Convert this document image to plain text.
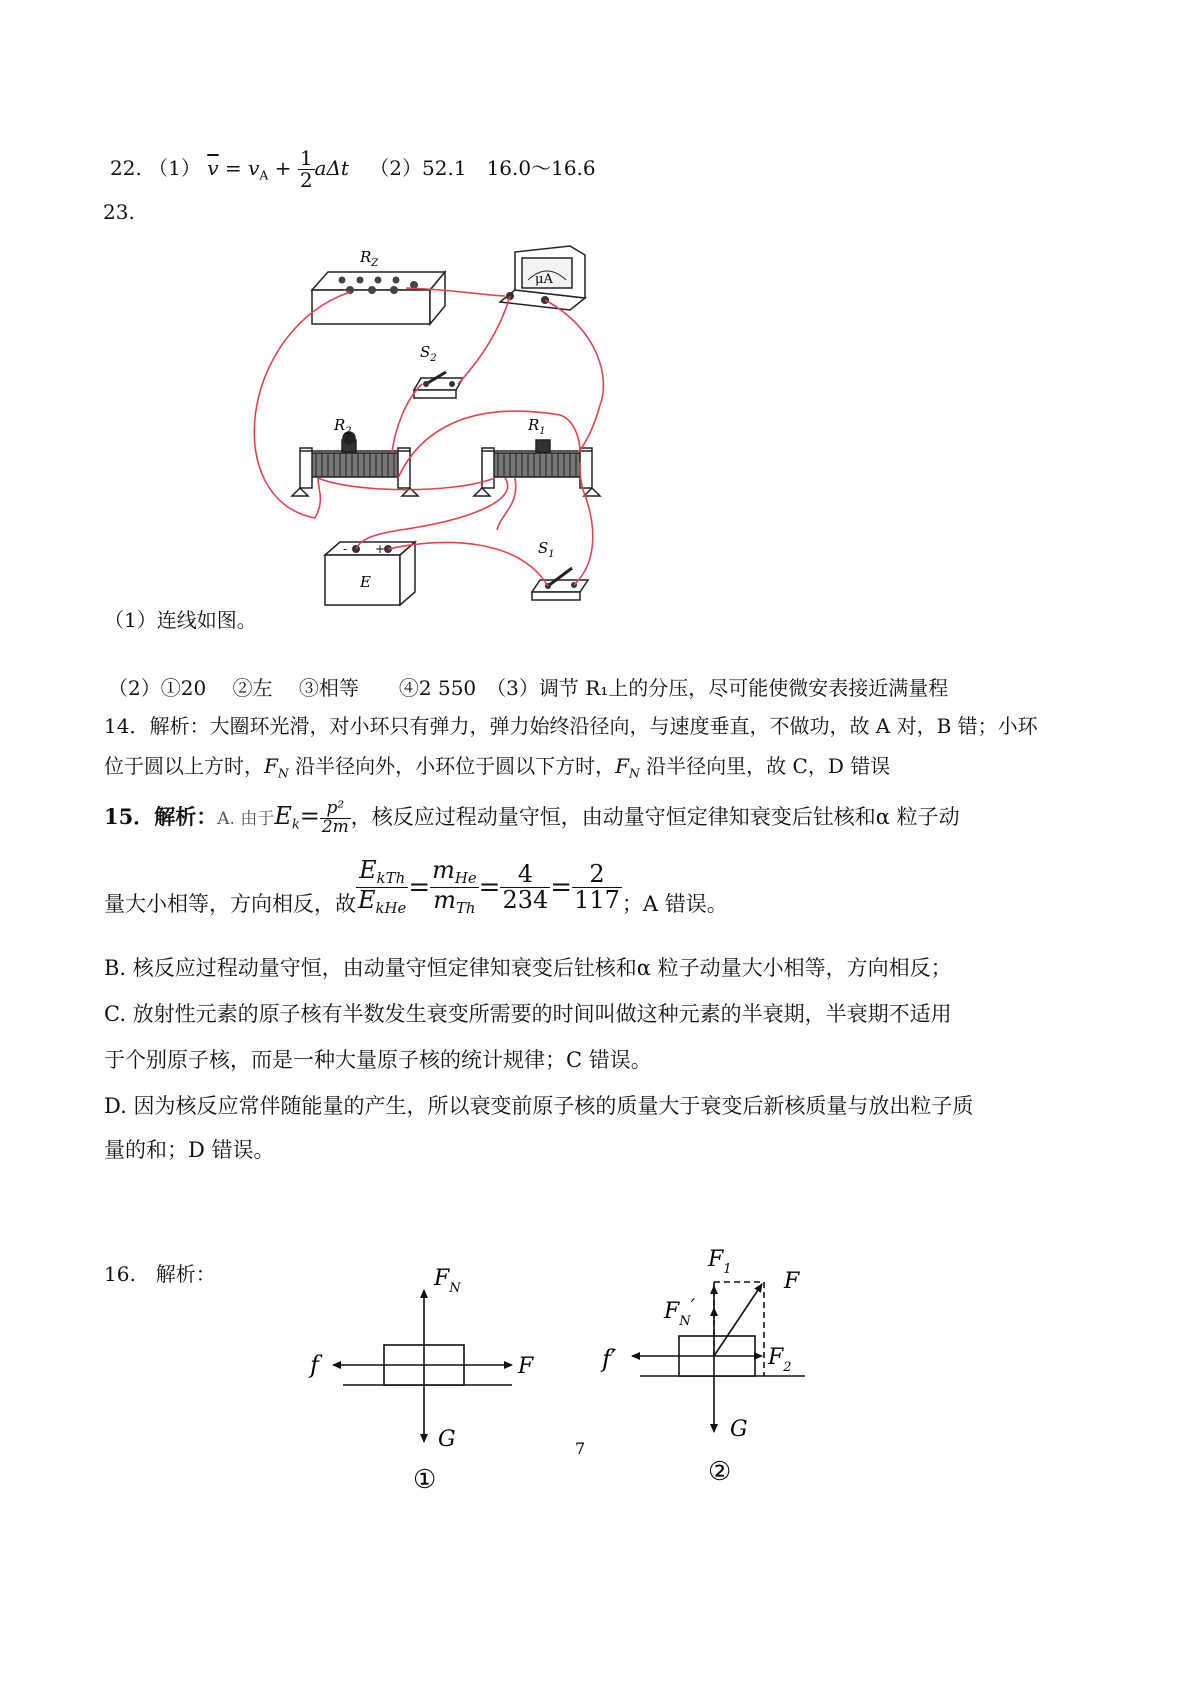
22. （1） $\overline{v} = v_A + \frac{1}{2}$ aΔt （2）52.1　16.0～16.6
23.
$R_Z$
μA
$S_2$
$R_2$	$R_1$
E
- +	$S_1$
（1）连线如图。
（2）①20　 ②左　 ③相等　　④2 550　（3）调节 R₁上的分压，尽可能使微安表接近满量程
14．解析：大圈环光滑，对小环只有弹力，弹力始终沿径向，与速度垂直，不做功，故 A 对，B 错；小环
位于圆以上方时，$F_N$ 沿半径向外，小环位于圆以下方时，$F_N$ 沿半径向里，故 C，D 错误
15．解析：A. 由于$E_k= \frac{\text{p²}}{2m}$ ，核反应过程动量守恒，由动量守恒定律知衰变后钍核和α 粒子动
量大小相等，方向相反，故 $\frac{E_{kTh}}{E_{kHe}} = \frac{m_{He}}{m_{Th}} = \frac{4}{234} = \frac{2}{117}$ ；A 错误。
B. 核反应过程动量守恒，由动量守恒定律知衰变后钍核和α 粒子动量大小相等，方向相反；
C. 放射性元素的原子核有半数发生衰变所需要的时间叫做这种元素的半衰期，半衰期不适用
于个别原子核，而是一种大量原子核的统计规律；C 错误。
D. 因为核反应常伴随能量的产生，所以衰变前原子核的质量大于衰变后新核质量与放出粒子质
量的和；D 错误。
16.　解析：	$F_N$
f	F
G
①
$F_1$ F
$F_N'$
f′	$F_2$
G
②
7
